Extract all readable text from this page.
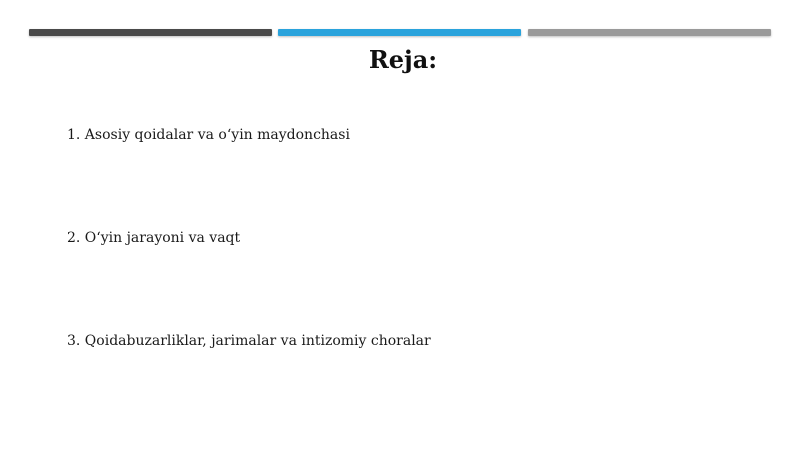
Reja:
1. Asosiy qoidalar va o‘yin maydonchasi
2. O‘yin jarayoni va vaqt
3. Qoidabuzarliklar, jarimalar va intizomiy choralar
